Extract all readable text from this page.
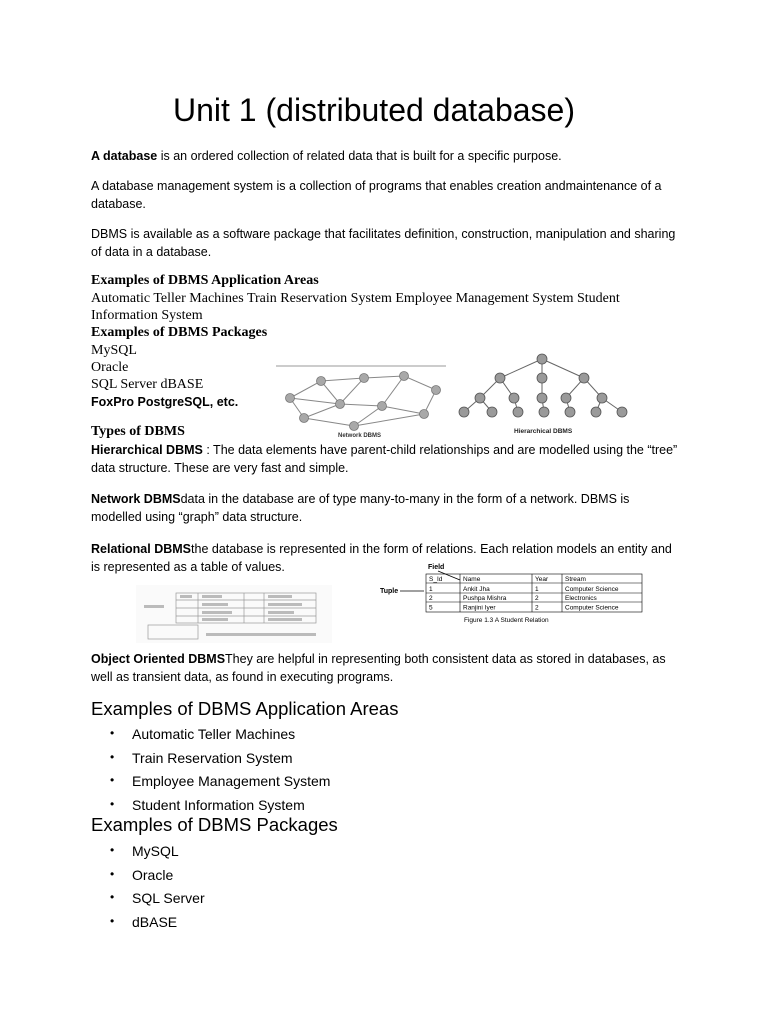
Unit 1 (distributed database)
A database is an ordered collection of related data that is built for a specific purpose.
A database management system is a collection of programs that enables creation andmaintenance of a database.
DBMS is available as a software package that facilitates definition, construction, manipulation and sharing of data in a database.
Examples of DBMS Application Areas
Automatic Teller Machines Train Reservation System Employee Management System Student Information System
Examples of DBMS Packages
MySQL
Oracle
SQL Server dBASE
FoxPro PostgreSQL, etc.
Network DBMS
Hierarchical DBMS
Types of DBMS
Hierarchical DBMS : The data elements have parent-child relationships and are modelled using the “tree” data structure. These are very fast and simple.
Network DBMSdata in the database are of type many-to-many in the form of a network. DBMS is modelled using “graph” data structure.
Relational DBMSthe database is represented in the form of relations. Each relation models an entity and is represented as a table of values.	Field
Tuple
S_Id	Name	Year	Stream
1	Ankit Jha	1	Computer Science
2	Pushpa Mishra	2	Electronics
5	Ranjini Iyer	2	Computer Science
Figure 1.3 A Student Relation
Object Oriented DBMSThey are helpful in representing both consistent data as stored in databases, as well as transient data, as found in executing programs.
Examples of DBMS Application Areas
• Automatic Teller Machines
• Train Reservation System
• Employee Management System
• Student Information System
Examples of DBMS Packages
• MySQL
• Oracle
• SQL Server
• dBASE
